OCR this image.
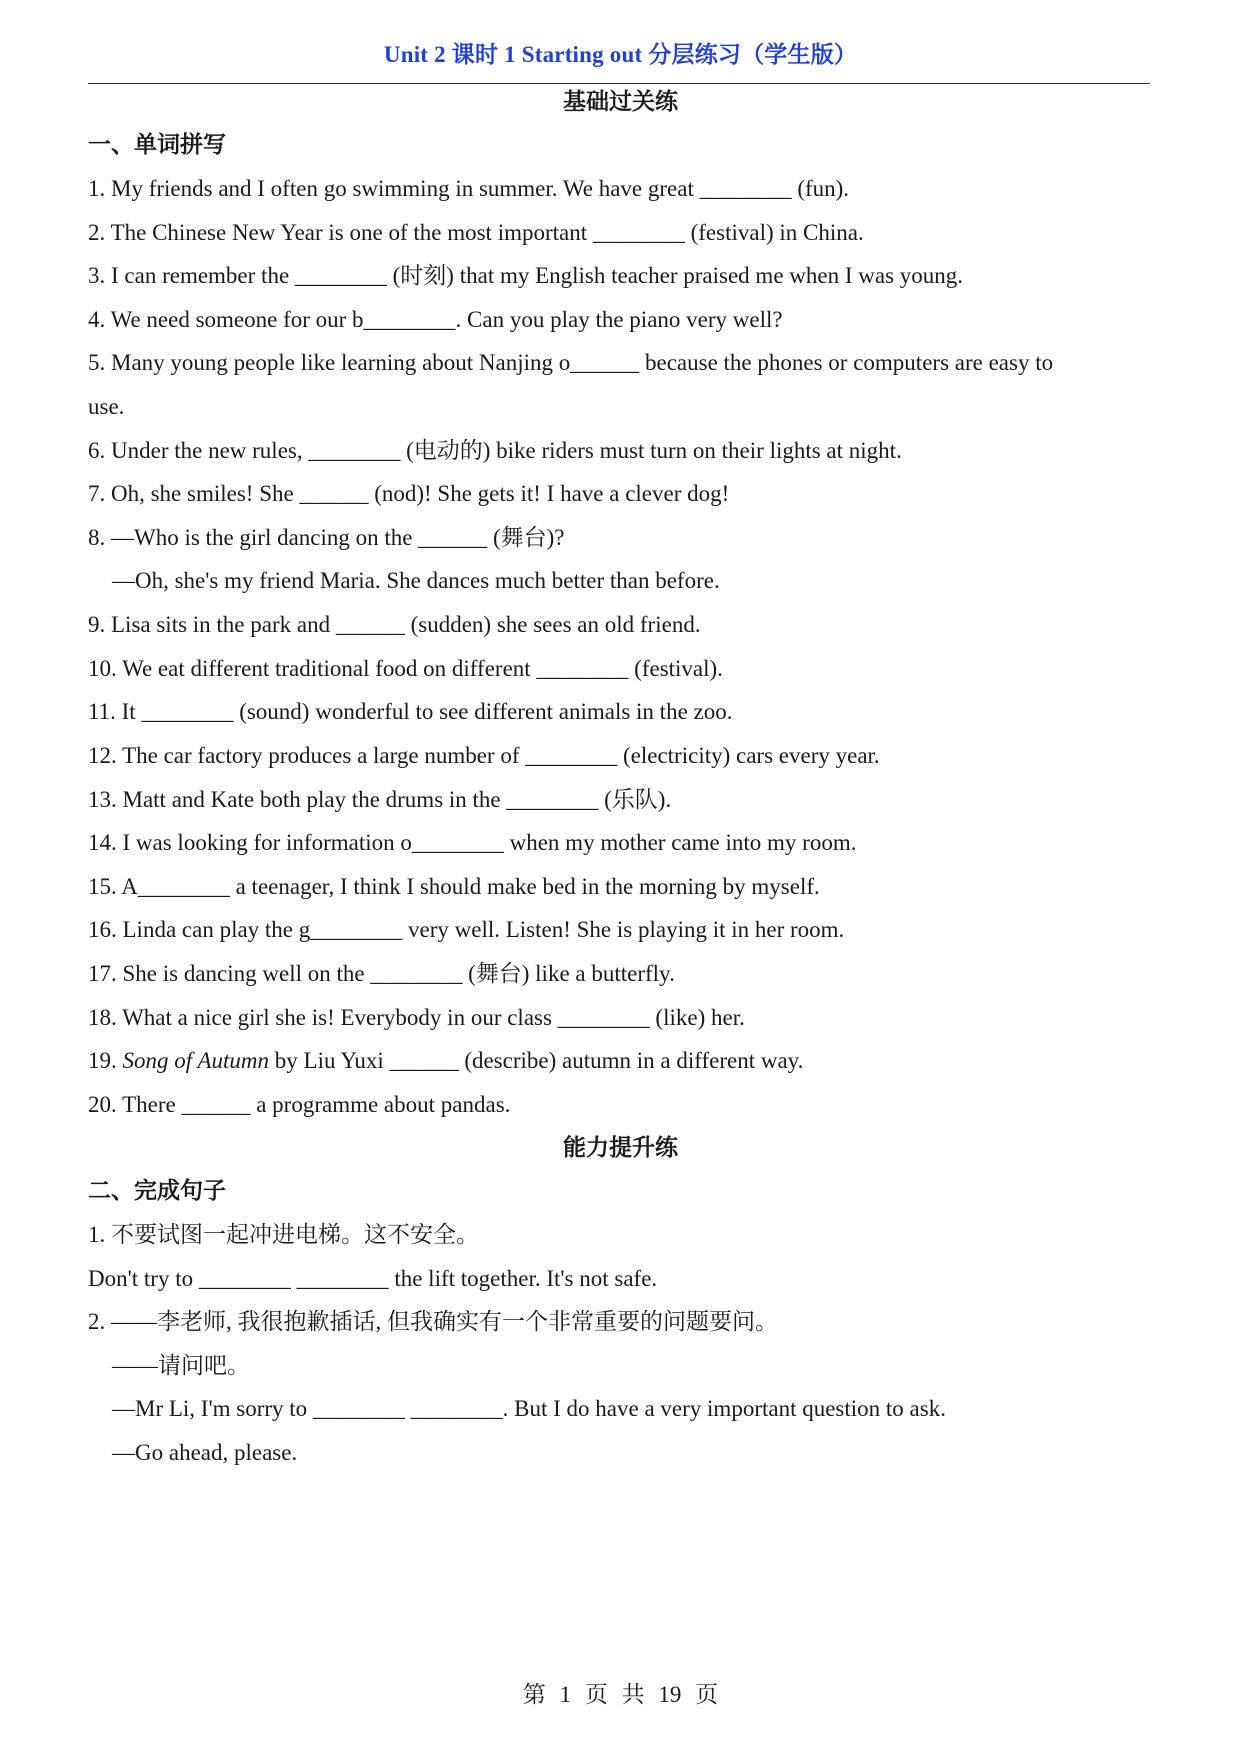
Unit 2 课时 1 Starting out 分层练习（学生版）
基础过关练
一、单词拼写
1. My friends and I often go swimming in summer. We have great ________ (fun).
2. The Chinese New Year is one of the most important ________ (festival) in China.
3. I can remember the ________ (时刻) that my English teacher praised me when I was young.
4. We need someone for our b________. Can you play the piano very well?
5. Many young people like learning about Nanjing o______ because the phones or computers are easy to
use.
6. Under the new rules, ________ (电动的) bike riders must turn on their lights at night.
7. Oh, she smiles! She ______ (nod)! She gets it! I have a clever dog!
8. —Who is the girl dancing on the ______ (舞台)?
—Oh, she's my friend Maria. She dances much better than before.
9. Lisa sits in the park and ______ (sudden) she sees an old friend.
10. We eat different traditional food on different ________ (festival).
11. It ________ (sound) wonderful to see different animals in the zoo.
12. The car factory produces a large number of ________ (electricity) cars every year.
13. Matt and Kate both play the drums in the ________ (乐队).
14. I was looking for information o________ when my mother came into my room.
15. A________ a teenager, I think I should make bed in the morning by myself.
16. Linda can play the g________ very well. Listen! She is playing it in her room.
17. She is dancing well on the ________ (舞台) like a butterfly.
18. What a nice girl she is! Everybody in our class ________ (like) her.
19. Song of Autumn by Liu Yuxi ______ (describe) autumn in a different way.
20. There ______ a programme about pandas.
能力提升练
二、完成句子
1. 不要试图一起冲进电梯。这不安全。
Don't try to ________ ________ the lift together. It's not safe.
2. ——李老师, 我很抱歉插话, 但我确实有一个非常重要的问题要问。
——请问吧。
—Mr Li, I'm sorry to ________ ________. But I do have a very important question to ask.
—Go ahead, please.
第 1 页 共 19 页
